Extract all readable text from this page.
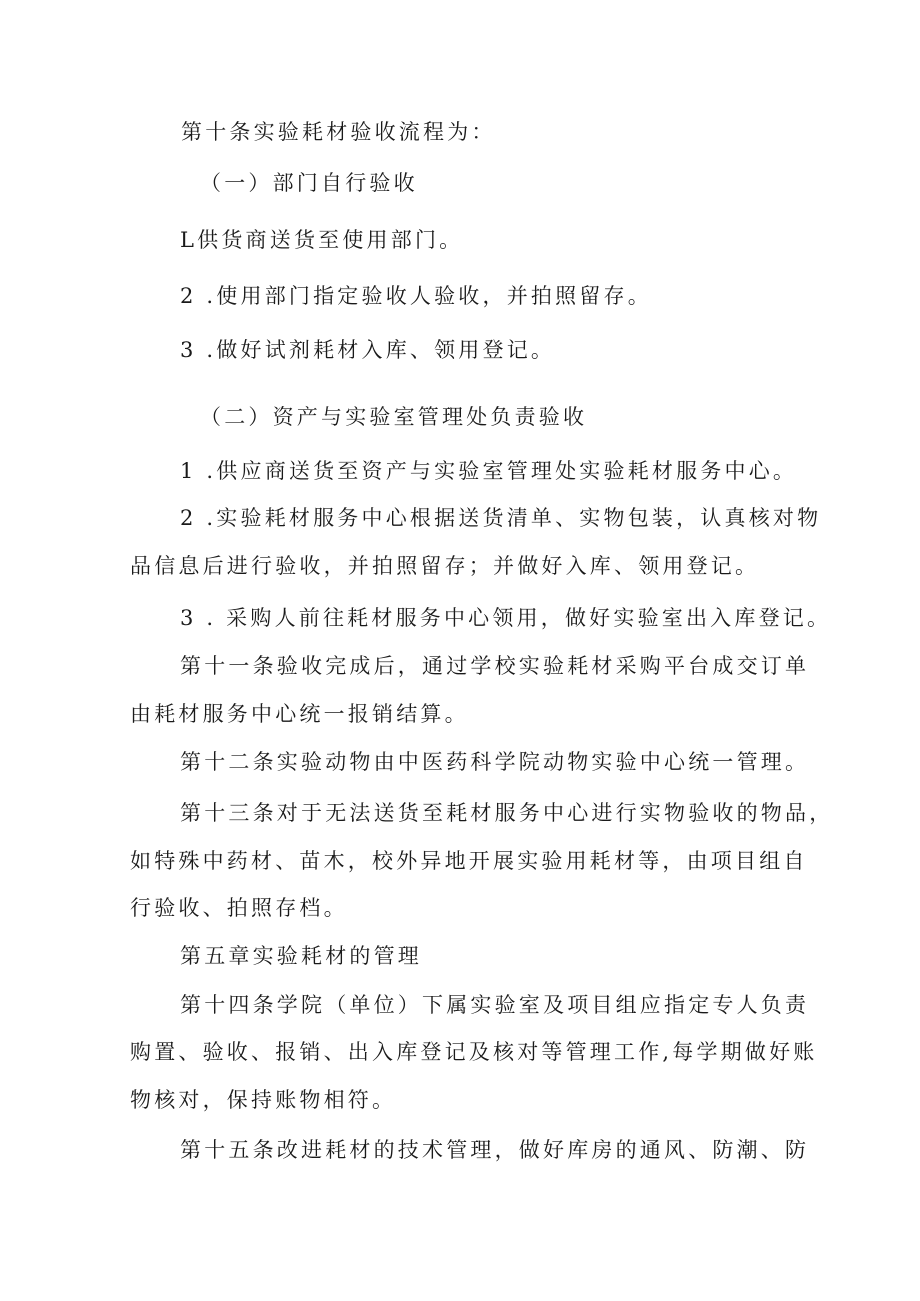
第十条实验耗材验收流程为：
（一）部门自行验收
L供货商送货至使用部门。
2 .使用部门指定验收人验收，并拍照留存。
3 .做好试剂耗材入库、领用登记。
（二）资产与实验室管理处负责验收
1 .供应商送货至资产与实验室管理处实验耗材服务中心。
2 .实验耗材服务中心根据送货清单、实物包装，认真核对物
品信息后进行验收，并拍照留存；并做好入库、领用登记。
3 . 采购人前往耗材服务中心领用，做好实验室出入库登记。
第十一条验收完成后，通过学校实验耗材采购平台成交订单
由耗材服务中心统一报销结算。
第十二条实验动物由中医药科学院动物实验中心统一管理。
第十三条对于无法送货至耗材服务中心进行实物验收的物品，
如特殊中药材、苗木，校外异地开展实验用耗材等，由项目组自
行验收、拍照存档。
第五章实验耗材的管理
第十四条学院（单位）下属实验室及项目组应指定专人负责
购置、验收、报销、出入库登记及核对等管理工作,每学期做好账
物核对，保持账物相符。
第十五条改进耗材的技术管理，做好库房的通风、防潮、防
